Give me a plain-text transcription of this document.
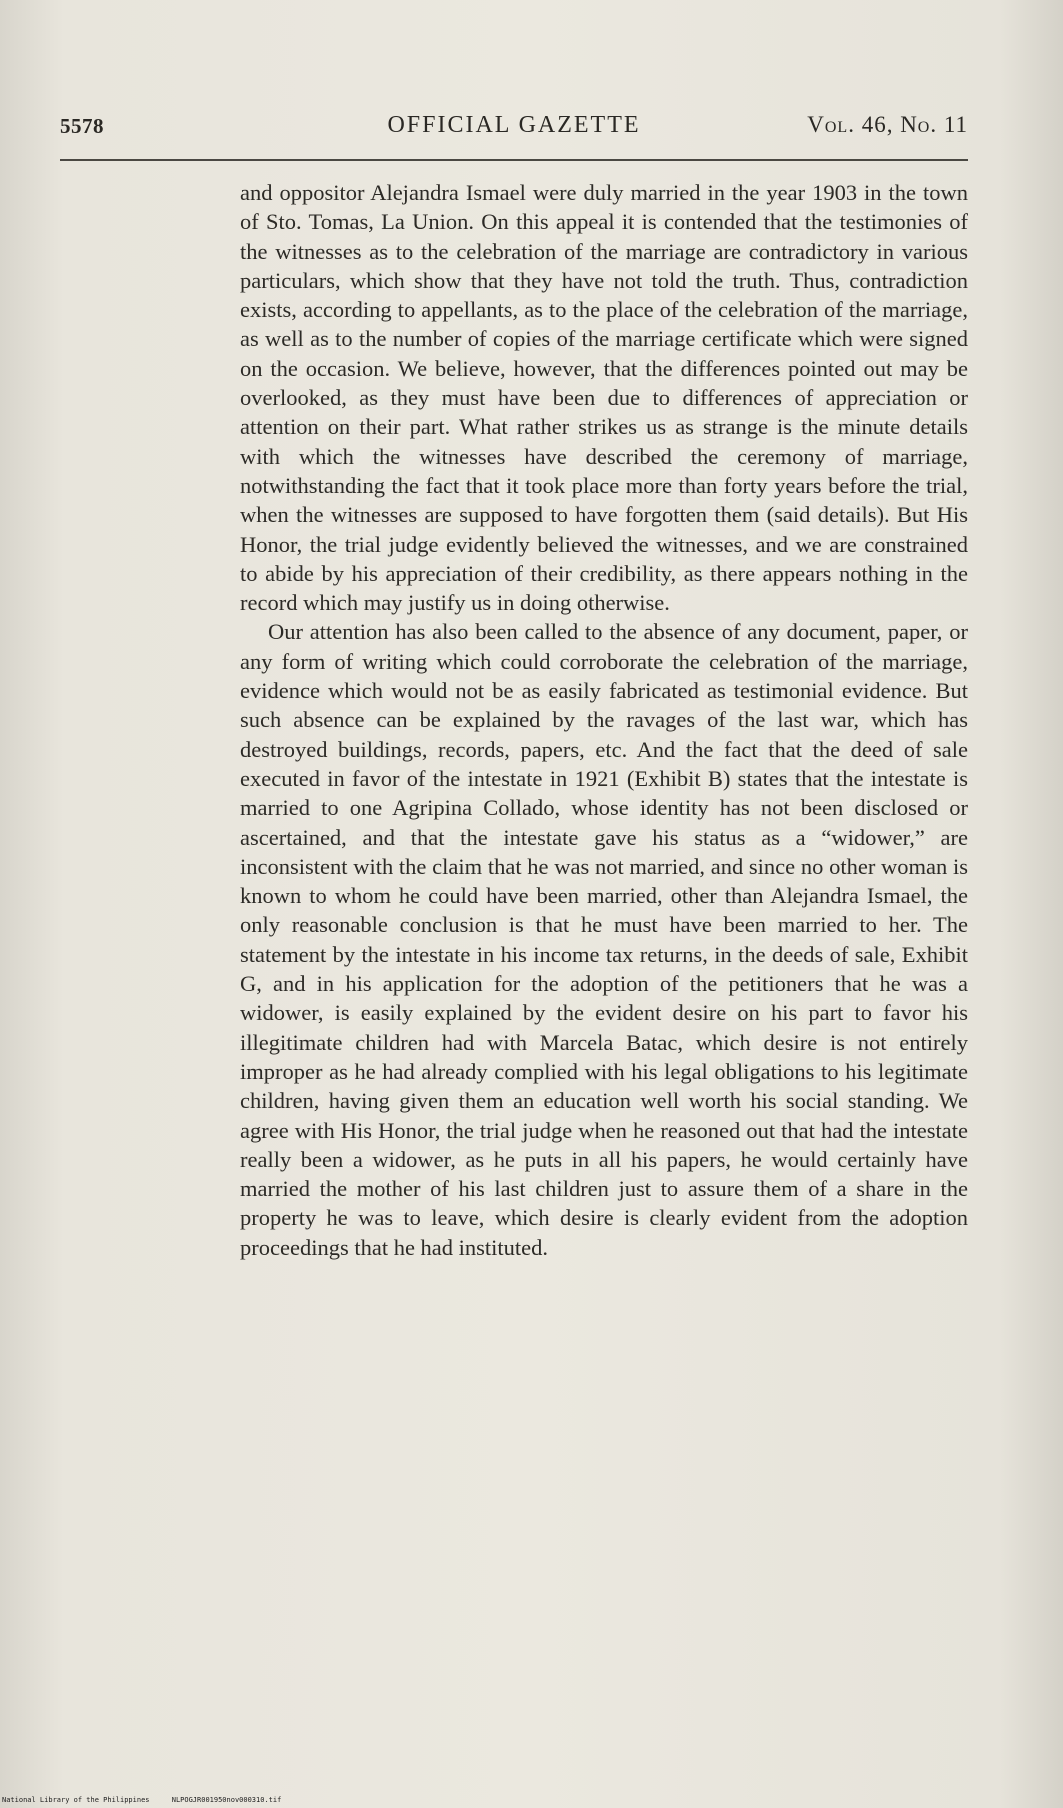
5578	OFFICIAL GAZETTE	Vol. 46, No. 11

and oppositor Alejandra Ismael were duly married in the year 1903 in the town of Sto. Tomas, La Union. On this appeal it is contended that the testimonies of the witnesses as to the celebration of the marriage are contradictory in various particulars, which show that they have not told the truth. Thus, contradiction exists, according to appellants, as to the place of the celebration of the marriage, as well as to the number of copies of the marriage certificate which were signed on the occasion. We believe, however, that the differences pointed out may be overlooked, as they must have been due to differences of appreciation or attention on their part. What rather strikes us as strange is the minute details with which the witnesses have described the ceremony of marriage, notwithstanding the fact that it took place more than forty years before the trial, when the witnesses are supposed to have forgotten them (said details). But His Honor, the trial judge evidently believed the witnesses, and we are constrained to abide by his appreciation of their credibility, as there appears nothing in the record which may justify us in doing otherwise.

Our attention has also been called to the absence of any document, paper, or any form of writing which could corroborate the celebration of the marriage, evidence which would not be as easily fabricated as testimonial evidence. But such absence can be explained by the ravages of the last war, which has destroyed buildings, records, papers, etc. And the fact that the deed of sale executed in favor of the intestate in 1921 (Exhibit B) states that the intestate is married to one Agripina Collado, whose identity has not been disclosed or ascertained, and that the intestate gave his status as a “widower,” are inconsistent with the claim that he was not married, and since no other woman is known to whom he could have been married, other than Alejandra Ismael, the only reasonable conclusion is that he must have been married to her. The statement by the intestate in his income tax returns, in the deeds of sale, Exhibit G, and in his application for the adoption of the petitioners that he was a widower, is easily explained by the evident desire on his part to favor his illegitimate children had with Marcela Batac, which desire is not entirely improper as he had already complied with his legal obligations to his legitimate children, having given them an education well worth his social standing. We agree with His Honor, the trial judge when he reasoned out that had the intestate really been a widower, as he puts in all his papers, he would certainly have married the mother of his last children just to assure them of a share in the property he was to leave, which desire is clearly evident from the adoption proceedings that he had instituted.

National Library of the Philippines	NLPOGJR001950nov000310.tif
